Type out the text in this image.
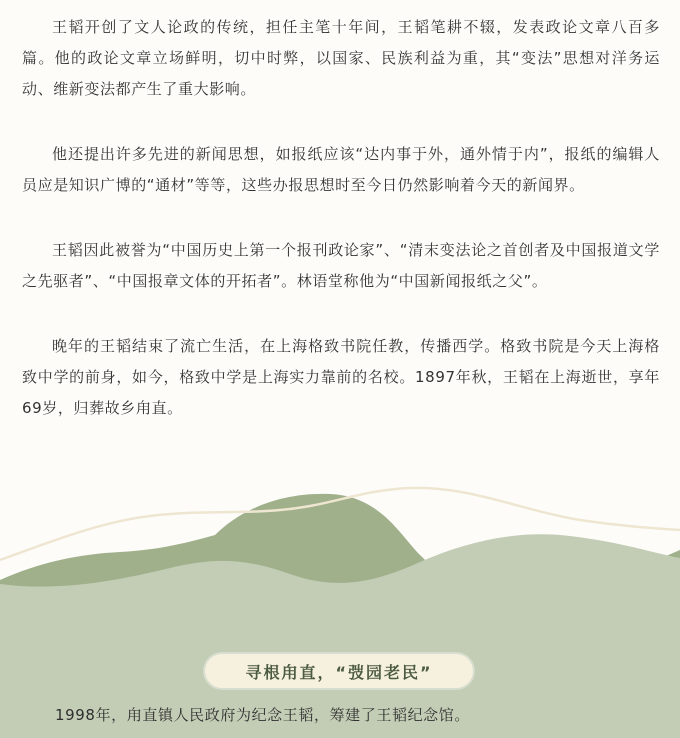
王韬开创了文人论政的传统，担任主笔十年间，王韬笔耕不辍，发表政论文章八百多篇。他的政论文章立场鲜明，切中时弊，以国家、民族利益为重，其“变法”思想对洋务运动、维新变法都产生了重大影响。

他还提出许多先进的新闻思想，如报纸应该“达内事于外，通外情于内”，报纸的编辑人员应是知识广博的“通材”等等，这些办报思想时至今日仍然影响着今天的新闻界。

王韬因此被誉为“中国历史上第一个报刊政论家”、“清末变法论之首创者及中国报道文学之先驱者”、“中国报章文体的开拓者”。林语堂称他为“中国新闻报纸之父”。

晚年的王韬结束了流亡生活，在上海格致书院任教，传播西学。格致书院是今天上海格致中学的前身，如今，格致中学是上海实力靠前的名校。1897年秋，王韬在上海逝世，享年69岁，归葬故乡甪直。

寻根甪直，“弢园老民”
1998年，甪直镇人民政府为纪念王韬，筹建了王韬纪念馆。
